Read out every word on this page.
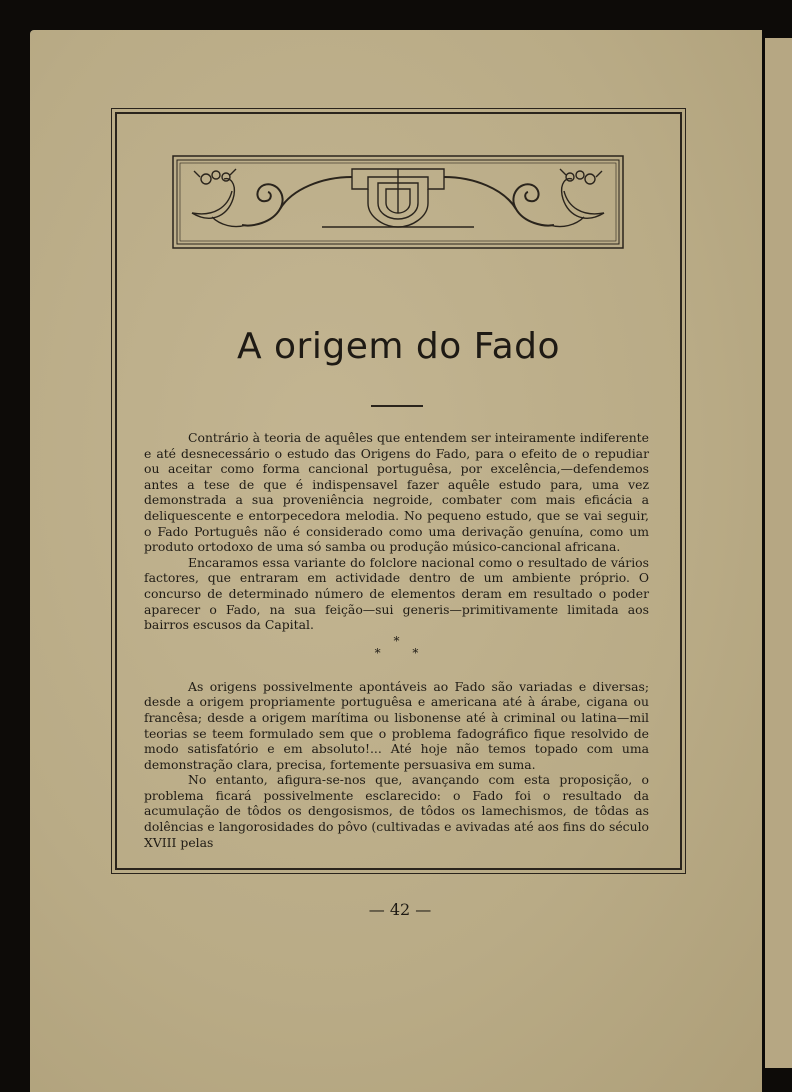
A origem do Fado

Contrário à teoria de aquêles que entendem ser inteiramente indiferente e até desnecessário o estudo das Origens do Fado, para o efeito de o repudiar ou aceitar como forma cancional portuguêsa, por excelência,—defendemos antes a tese de que é indispensavel fazer aquêle estudo para, uma vez demonstrada a sua proveniência negroide, combater com mais eficácia a deliquescente e entorpecedora melodia. No pequeno estudo, que se vai seguir, o Fado Português não é considerado como uma derivação genuína, como um produto ortodoxo de uma só samba ou produção músico-cancional africana.

Encaramos essa variante do folclore nacional como o resultado de vários factores, que entraram em actividade dentro de um ambiente próprio. O concurso de determinado número de elementos deram em resultado o poder aparecer o Fado, na sua feição—sui generis—primitivamente limitada aos bairros escusos da Capital.

*
* *

As origens possivelmente apontáveis ao Fado são variadas e diversas; desde a origem propriamente portuguêsa e americana até à árabe, cigana ou francêsa; desde a origem marítima ou lisbonense até à criminal ou latina—mil teorias se teem formulado sem que o problema fadográfico fique resolvido de modo satisfatório e em absoluto!... Até hoje não temos topado com uma demonstração clara, precisa, fortemente persuasiva em suma.

No entanto, afigura-se-nos que, avançando com esta proposição, o problema ficará possivelmente esclarecido: o Fado foi o resultado da acumulação de tôdos os dengosismos, de tôdos os lamechismos, de tôdas as dolências e langorosidades do pôvo (cultivadas e avivadas até aos fins do século XVIII pelas

— 42 —
